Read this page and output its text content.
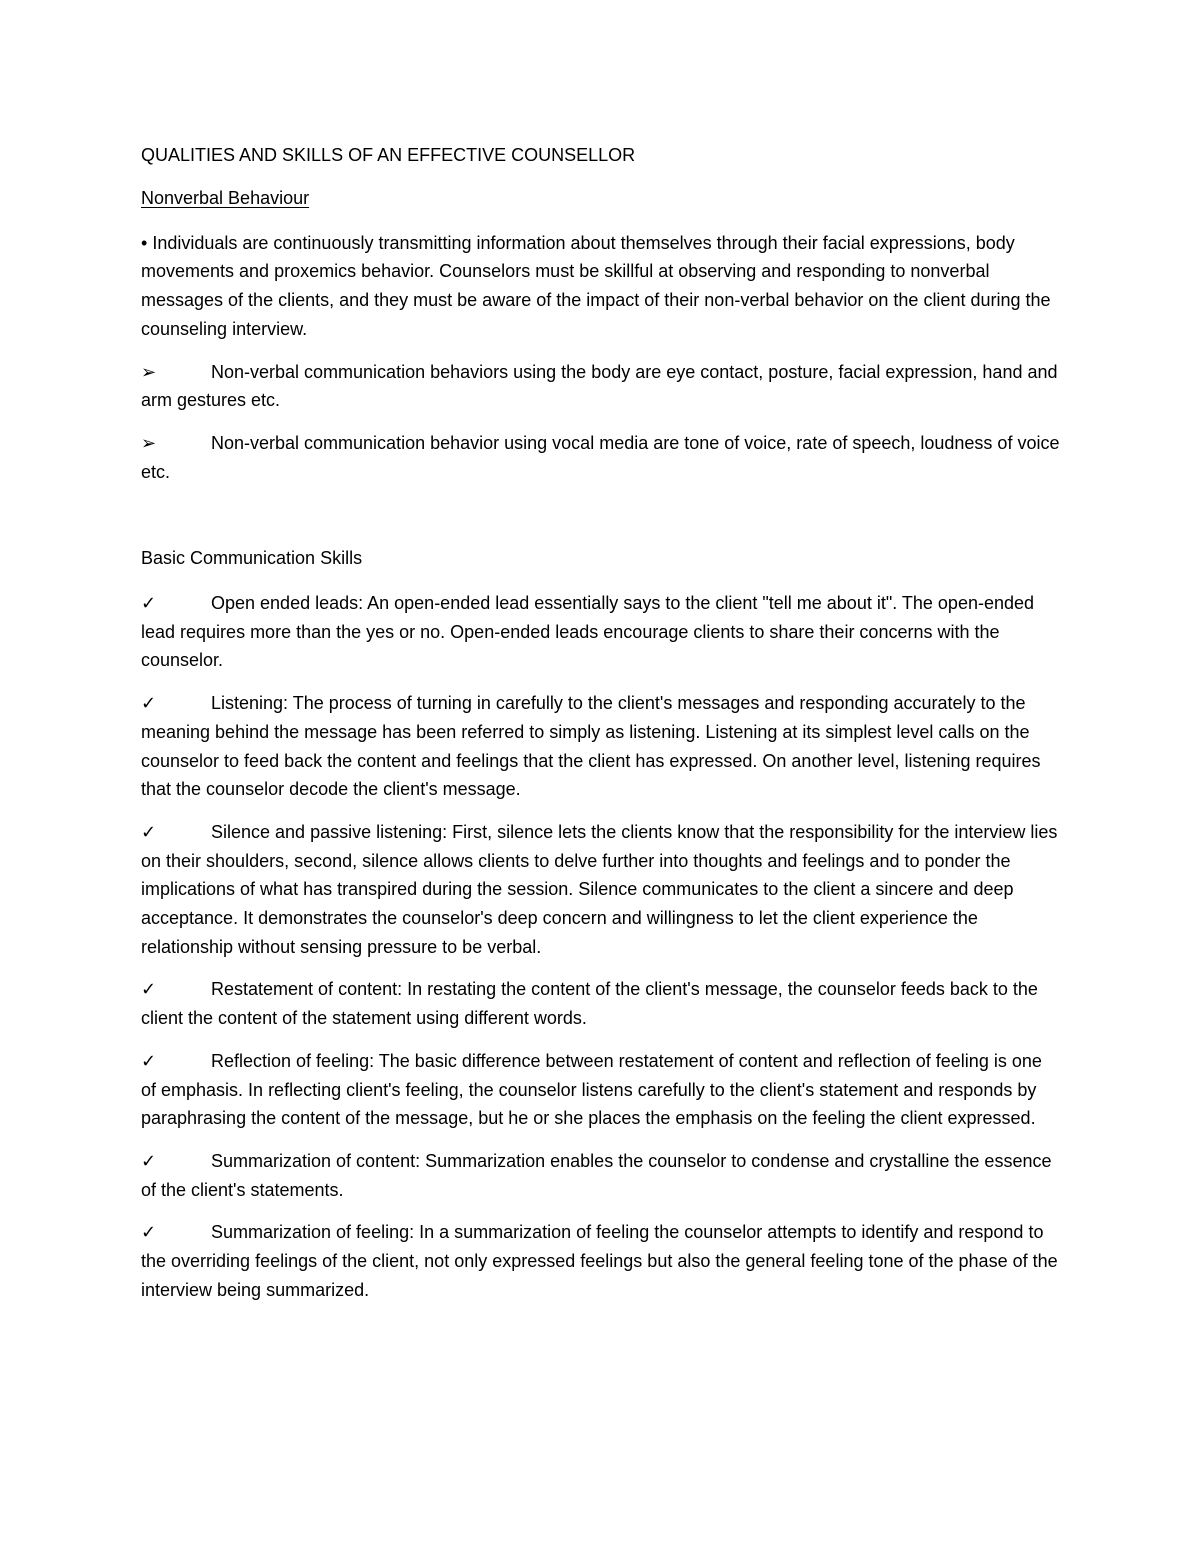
QUALITIES AND SKILLS OF AN EFFECTIVE COUNSELLOR
Nonverbal Behaviour
• Individuals are continuously transmitting information about themselves through their facial expressions, body movements and proxemics behavior. Counselors must be skillful at observing and responding to nonverbal messages of the clients, and they must be aware of the impact of their non-verbal behavior on the client during the counseling interview.
➢	Non-verbal communication behaviors using the body are eye contact, posture, facial expression, hand and arm gestures etc.
➢	Non-verbal communication behavior using vocal media are tone of voice, rate of speech, loudness of voice etc.
Basic Communication Skills
✓	Open ended leads: An open-ended lead essentially says to the client "tell me about it". The open-ended lead requires more than the yes or no. Open-ended leads encourage clients to share their concerns with the counselor.
✓	Listening: The process of turning in carefully to the client's messages and responding accurately to the meaning behind the message has been referred to simply as listening. Listening at its simplest level calls on the counselor to feed back the content and feelings that the client has expressed. On another level, listening requires that the counselor decode the client's message.
✓	Silence and passive listening: First, silence lets the clients know that the responsibility for the interview lies on their shoulders, second, silence allows clients to delve further into thoughts and feelings and to ponder the implications of what has transpired during the session. Silence communicates to the client a sincere and deep acceptance. It demonstrates the counselor's deep concern and willingness to let the client experience the relationship without sensing pressure to be verbal.
✓	Restatement of content: In restating the content of the client's message, the counselor feeds back to the client the content of the statement using different words.
✓	Reflection of feeling: The basic difference between restatement of content and reflection of feeling is one of emphasis. In reflecting client's feeling, the counselor listens carefully to the client's statement and responds by paraphrasing the content of the message, but he or she places the emphasis on the feeling the client expressed.
✓	Summarization of content: Summarization enables the counselor to condense and crystalline the essence of the client's statements.
✓	Summarization of feeling: In a summarization of feeling the counselor attempts to identify and respond to the overriding feelings of the client, not only expressed feelings but also the general feeling tone of the phase of the interview being summarized.
